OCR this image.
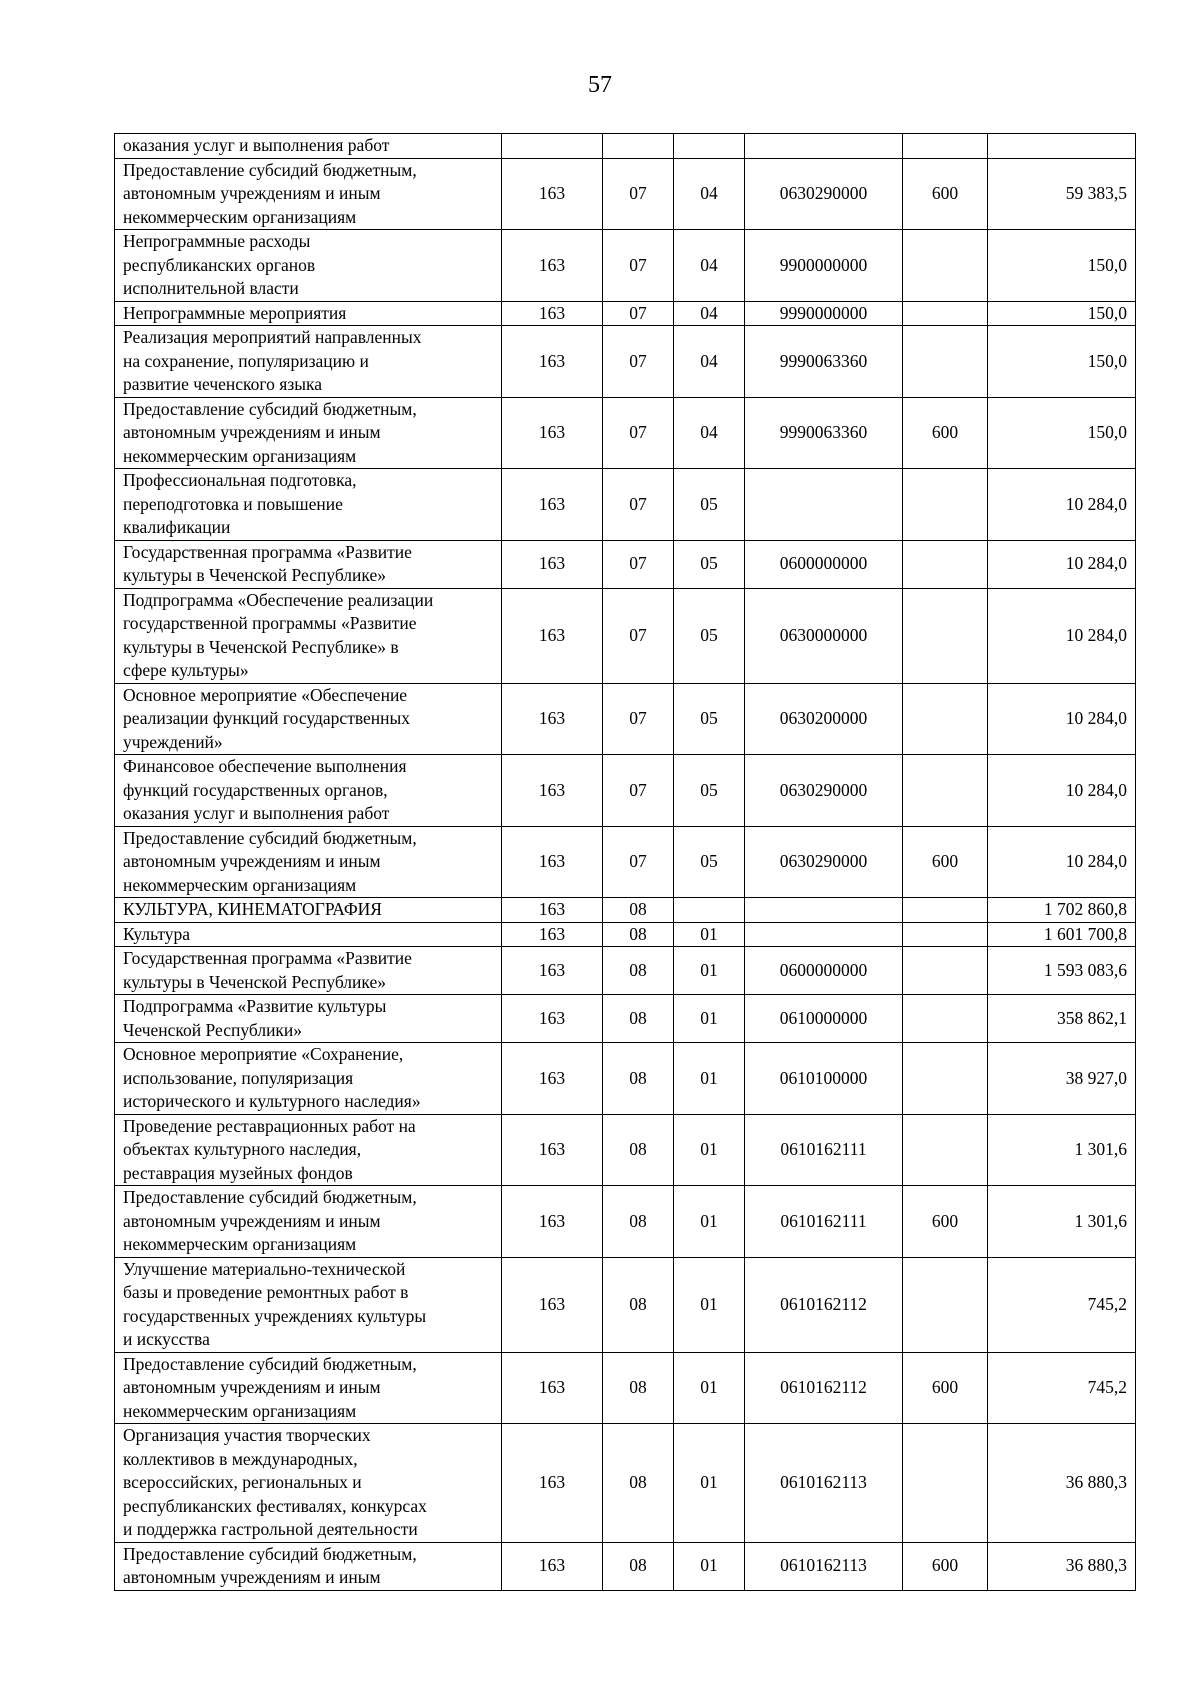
57
оказания услуг и выполнения работ						

Предоставление субсидий бюджетным,
автономным учреждениям и иным
некоммерческим организациям	163	07	04	0630290000	600	59 383,5

Непрограммные расходы
республиканских органов
исполнительной власти	163	07	04	9900000000		150,0

Непрограммные мероприятия	163	07	04	9990000000		150,0

Реализация мероприятий направленных
на сохранение, популяризацию и
развитие чеченского языка	163	07	04	9990063360		150,0

Предоставление субсидий бюджетным,
автономным учреждениям и иным
некоммерческим организациям	163	07	04	9990063360	600	150,0

Профессиональная подготовка,
переподготовка и повышение
квалификации	163	07	05			10 284,0

Государственная программа «Развитие
культуры в Чеченской Республике»	163	07	05	0600000000		10 284,0

Подпрограмма «Обеспечение реализации
государственной программы «Развитие
культуры в Чеченской Республике» в
сфере культуры»	163	07	05	0630000000		10 284,0

Основное мероприятие «Обеспечение
реализации функций государственных
учреждений»	163	07	05	0630200000		10 284,0

Финансовое обеспечение выполнения
функций государственных органов,
оказания услуг и выполнения работ	163	07	05	0630290000		10 284,0

Предоставление субсидий бюджетным,
автономным учреждениям и иным
некоммерческим организациям	163	07	05	0630290000	600	10 284,0

КУЛЬТУРА, КИНЕМАТОГРАФИЯ	163	08				1 702 860,8

Культура	163	08	01			1 601 700,8

Государственная программа «Развитие
культуры в Чеченской Республике»	163	08	01	0600000000		1 593 083,6

Подпрограмма «Развитие культуры
Чеченской Республики»	163	08	01	0610000000		358 862,1

Основное мероприятие «Сохранение,
использование, популяризация
исторического и культурного наследия»	163	08	01	0610100000		38 927,0

Проведение реставрационных работ на
объектах культурного наследия,
реставрация музейных фондов	163	08	01	0610162111		1 301,6

Предоставление субсидий бюджетным,
автономным учреждениям и иным
некоммерческим организациям	163	08	01	0610162111	600	1 301,6

Улучшение материально-технической
базы и проведение ремонтных работ в
государственных учреждениях культуры
и искусства	163	08	01	0610162112		745,2

Предоставление субсидий бюджетным,
автономным учреждениям и иным
некоммерческим организациям	163	08	01	0610162112	600	745,2

Организация участия творческих
коллективов в международных,
всероссийских, региональных и
республиканских фестивалях, конкурсах
и поддержка гастрольной деятельности	163	08	01	0610162113		36 880,3

Предоставление субсидий бюджетным,
автономным учреждениям и иным	163	08	01	0610162113	600	36 880,3
